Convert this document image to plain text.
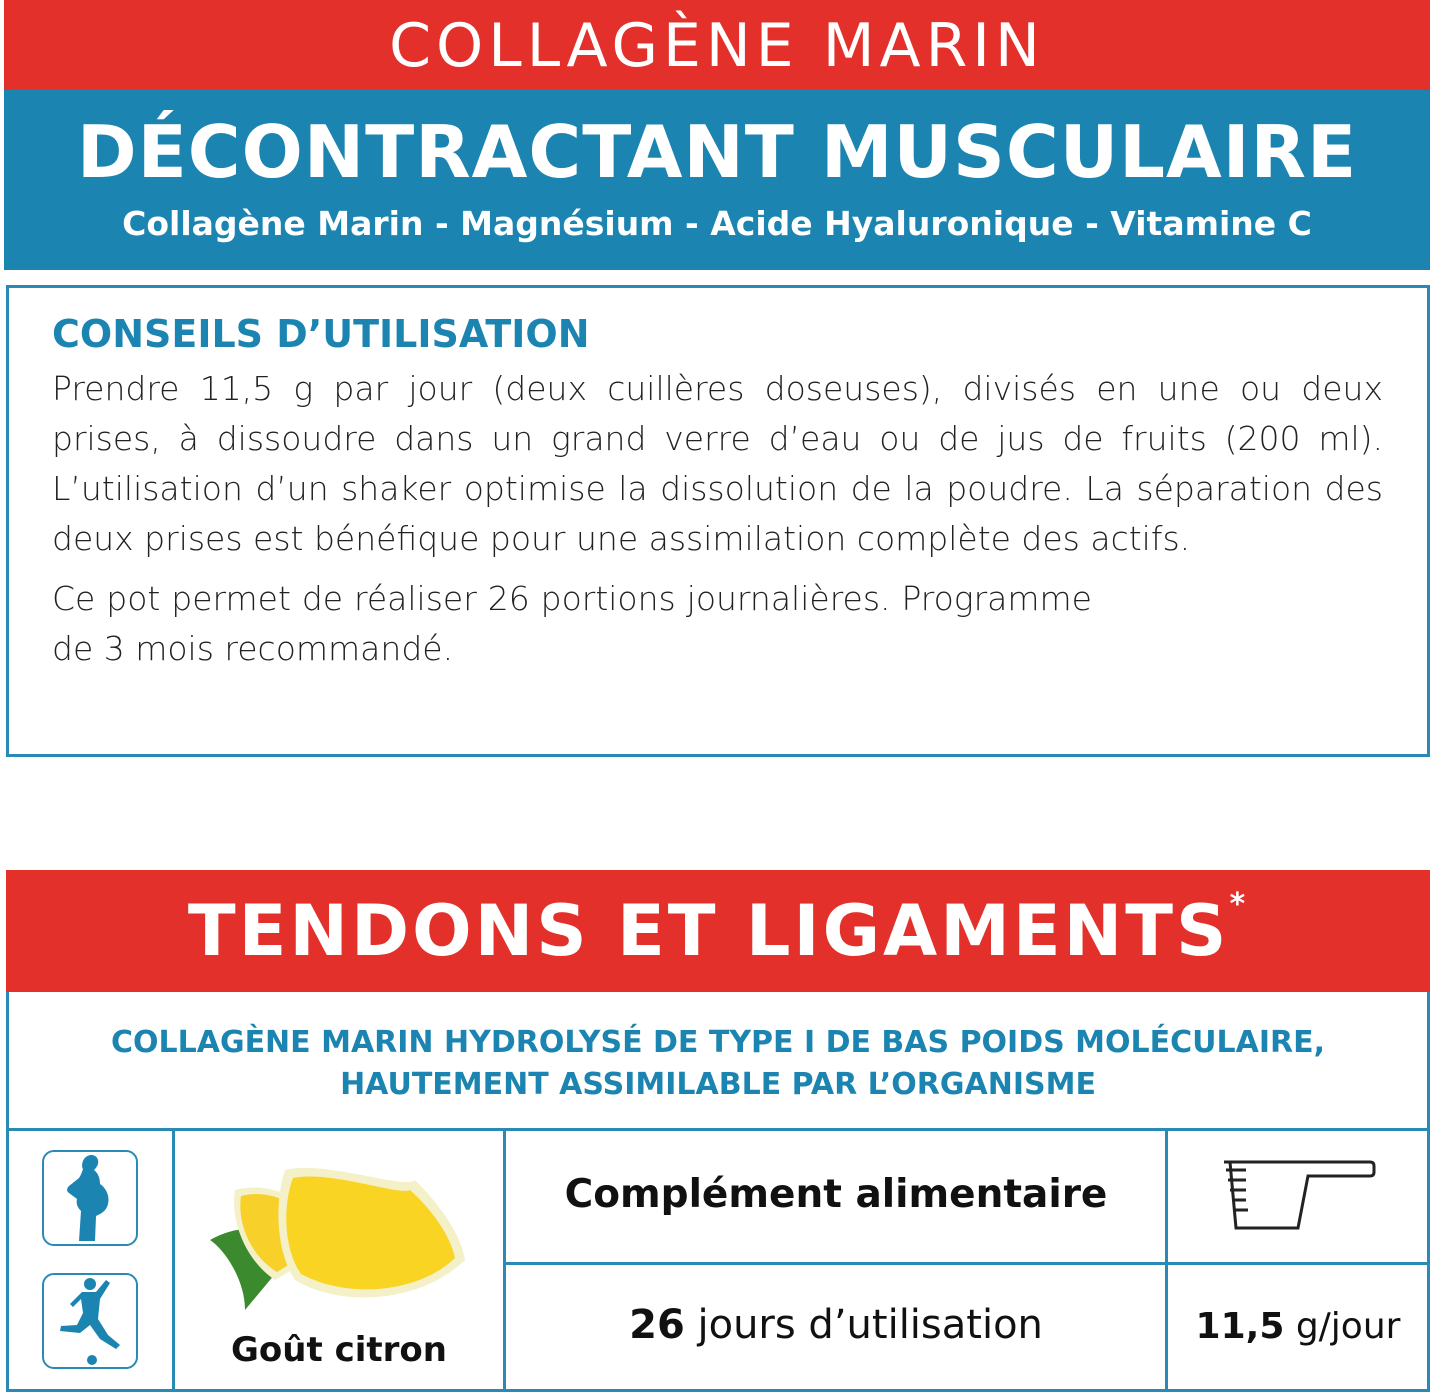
COLLAGÈNE MARIN
DÉCONTRACTANT MUSCULAIRE
Collagène Marin - Magnésium - Acide Hyaluronique - Vitamine C
CONSEILS D’UTILISATION

Prendre 11,5 g par jour (deux cuillères doseuses), divisés en une ou deux prises, à dissoudre dans un grand verre d’eau ou de jus de fruits (200 ml). L’utilisation d’un shaker optimise la dissolution de la poudre. La séparation des deux prises est bénéfique pour une assimilation complète des actifs.

Ce pot permet de réaliser 26 portions journalières. Programme de 3 mois recommandé.

TENDONS ET LIGAMENTS*
COLLAGÈNE MARIN HYDROLYSÉ DE TYPE I DE BAS POIDS MOLÉCULAIRE,
HAUTEMENT ASSIMILABLE PAR L’ORGANISME
Goût citron
Complément alimentaire
26 jours d’utilisation	11,5 g/jour
